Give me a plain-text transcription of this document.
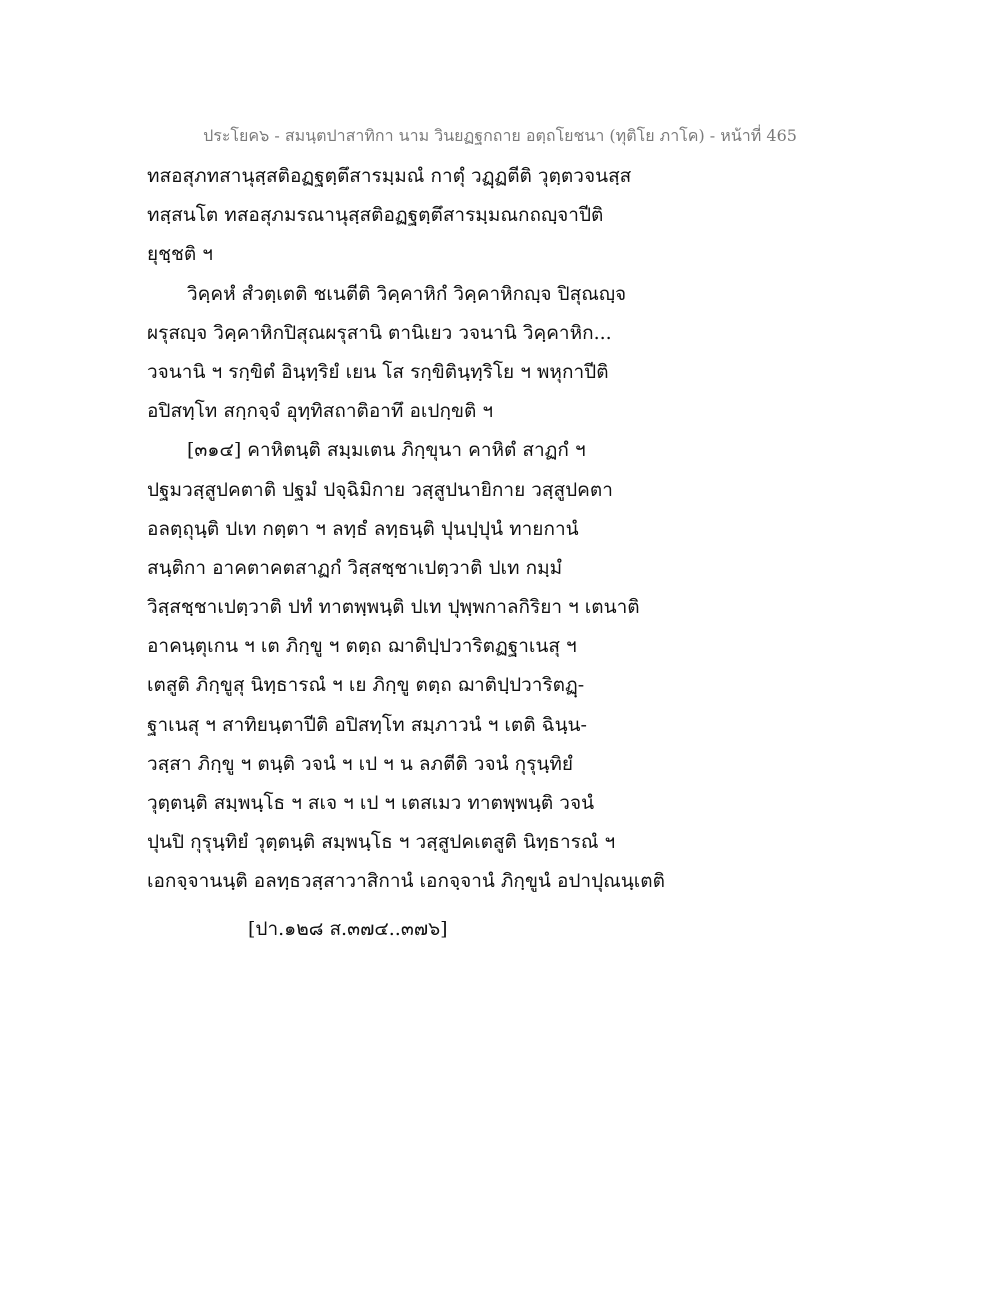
ประโยค๖ - สมนฺตปาสาทิกา นาม วินยฏฐกถาย อตฺถโยชนา (ทุติโย ภาโค) - หน้าที่ 465
ทสอสุภทสานุสฺสติอฏฐตฺตึสารมฺมณํ กาตุํ วฏฺฏตีติ วุตฺตวจนสฺส
ทสฺสนโต ทสอสุภมรณานุสฺสติอฏฐตฺตึสารมฺมณกถญฺจาปีติ
ยุชฺชติ ฯ
วิคฺคหํ สํวตฺเตติ ชเนตีติ วิคฺคาหิกํ วิคฺคาหิกญฺจ ปิสุณญฺจ
ผรุสญฺจ วิคฺคาหิกปิสุณผรุสานิ ตานิเยว วจนานิ วิคฺคาหิก...
วจนานิ ฯ รกฺขิตํ อินฺทฺริยํ เยน โส รกฺขิตินฺทฺริโย ฯ พหุกาปีติ
อปิสทฺโท สกฺกจฺจํ อุทฺทิสถาติอาทึ อเปกฺขติ ฯ
[๓๑๔] คาหิตนฺติ สมฺมเตน ภิกฺขุนา คาหิตํ สาฏกํ ฯ
ปฐมวสฺสูปคตาติ ปฐมํ ปจฺฉิมิกาย วสฺสูปนายิกาย วสฺสูปคตา
อลตฺถุนฺติ ปเท กตฺตา ฯ ลทฺธํ ลทฺธนฺติ ปุนปฺปุนํ ทายกานํ
สนฺติกา อาคตาคตสาฏกํ วิสฺสชฺชาเปตฺวาติ ปเท กมฺมํ
วิสฺสชฺชาเปตฺวาติ ปทํ ทาตพฺพนฺติ ปเท ปุพฺพกาลกิริยา ฯ เตนาติ
อาคนฺตุเกน ฯ เต ภิกฺขู ฯ ตตฺถ ฌาติปฺปวาริตฏฐาเนสุ ฯ
เตสูติ ภิกฺขูสุ นิทฺธารณํ ฯ เย ภิกฺขู ตตฺถ ฌาติปฺปวาริตฏฺ-
ฐาเนสุ ฯ สาทิยนฺตาปีติ อปิสทฺโท สมฺภาวนํ ฯ เตติ ฉินฺน-
วสฺสา ภิกฺขู ฯ ตนฺติ วจนํ ฯ เป ฯ น ลภตีติ วจนํ กุรุนฺทิยํ
วุตฺตนฺติ สมฺพนฺโธ ฯ สเจ ฯ เป ฯ เตสเมว ทาตพฺพนฺติ วจนํ
ปุนปิ กุรุนฺทิยํ วุตฺตนฺติ สมฺพนฺโธ ฯ วสฺสูปคเตสูติ นิทฺธารณํ ฯ
เอกจฺจานนฺติ อลทฺธวสฺสาวาสิกานํ เอกจฺจานํ ภิกฺขูนํ อปาปุณนฺเตติ
[ปา.๑๒๘ ส.๓๗๔..๓๗๖]
